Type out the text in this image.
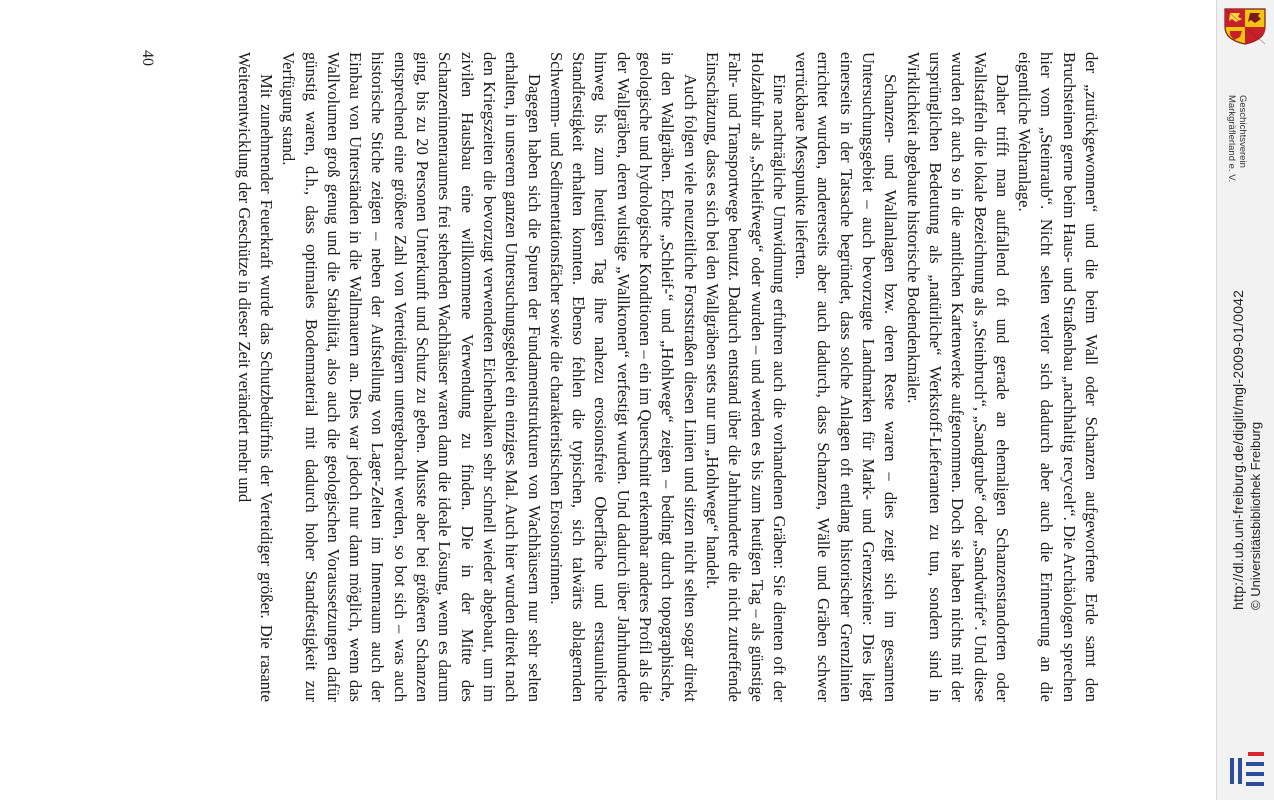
der „zurückgewonnen“ und die beim Wall oder Schanzen aufgeworfene Erde samt den Bruchsteinen gerne beim Haus- und Straßenbau „nachhaltig recycelt“. Die Archäologen sprechen hier vom „Steinraub“. Nicht selten verlor sich dadurch aber auch die Erinnerung an die eigentliche Wehranlage.

Daher trifft man auffallend oft und gerade an ehemaligen Schanzenstandorten oder Wallstaffeln die lokale Bezeichnung als „Steinbruch“, „Sandgrube“ oder „Sandwürfe“. Und diese wurden oft auch so in die amtlichen Kartenwerke aufgenommen. Doch sie haben nichts mit der ursprünglichen Bedeutung als „natürliche“ Werkstoff-Lieferanten zu tun, sondern sind in Wirklichkeit abgebaute historische Bodendenkmäler.

Schanzen- und Wallanlagen bzw. deren Reste waren – dies zeigt sich im gesamten Untersuchungsgebiet – auch bevorzugte Landmarken für Mark- und Grenzsteine: Dies liegt einerseits in der Tatsache begründet, dass solche Anlagen oft entlang historischer Grenzlinien errichtet wurden, andererseits aber auch dadurch, dass Schanzen, Wälle und Gräben schwer verrückbare Messpunkte lieferten.

Eine nachträgliche Umwidmung erfuhren auch die vorhandenen Gräben: Sie dienten oft der Holzabfuhr als „Schleifwege“ oder wurden – und werden es bis zum heutigen Tag – als günstige Fahr- und Transportwege benutzt. Dadurch entstand über die Jahrhunderte die nicht zutreffende Einschätzung, dass es sich bei den Wallgräben stets nur um „Hohlwege“ handelt.

Auch folgen viele neuzeitliche Forststraßen diesen Linien und sitzen nicht selten sogar direkt in den Wallgräben. Echte „Schleif-“ und „Hohlwege“ zeigen – bedingt durch topographische, geologische und hydrologische Konditionen – ein im Querschnitt erkennbar anderes Profil als die der Wallgräben, deren wulstige „Wallkronen“ verfestigt wurden. Und dadurch über Jahrhunderte hinweg bis zum heutigen Tag ihre nahezu erosionsfreie Oberfläche und erstaunliche Standfestigkeit erhalten konnten. Ebenso fehlen die typischen, sich talwärts ablagernden Schwemm- und Sedimentationsfächer sowie die charakteristischen Erosionsrinnen.

Dagegen haben sich die Spuren der Fundamentstrukturen von Wachhäusern nur sehr selten erhalten, in unserem ganzen Untersuchungsgebiet ein einziges Mal. Auch hier wurden direkt nach den Kriegszeiten die bevorzugt verwendeten Eichenbalken sehr schnell wieder abgebaut, um im zivilen Hausbau eine willkommene Verwendung zu finden. Die in der Mitte des Schanzeninnenraumes frei stehenden Wachhäuser waren dann die ideale Lösung, wenn es darum ging, bis zu 20 Personen Unterkunft und Schutz zu geben. Musste aber bei größeren Schanzen entsprechend eine größere Zahl von Verteidigern untergebracht werden, so bot sich – was auch historische Stiche zeigen – neben der Aufstellung von Lager-Zelten im Innenraum auch der Einbau von Unterständen in die Wallmauern an. Dies war jedoch nur dann möglich, wenn das Wallvolumen groß genug und die Stabilität, also auch die geologischen Voraussetzungen dafür günstig waren, d.h., dass optimales Bodenmaterial mit dadurch hoher Standfestigkeit zur Verfügung stand.

Mit zunehmender Feuerkraft wurde das Schutzbedürfnis der Verteidiger größer. Die rasante Weiterentwicklung der Geschütze in dieser Zeit verändert mehr und

40
Geschichtsverein
Markgräflerland e. V.
http://dl.ub.uni-freiburg.de/diglit/mgl-2009-01/0042 © Universitätsbibliothek Freiburg
